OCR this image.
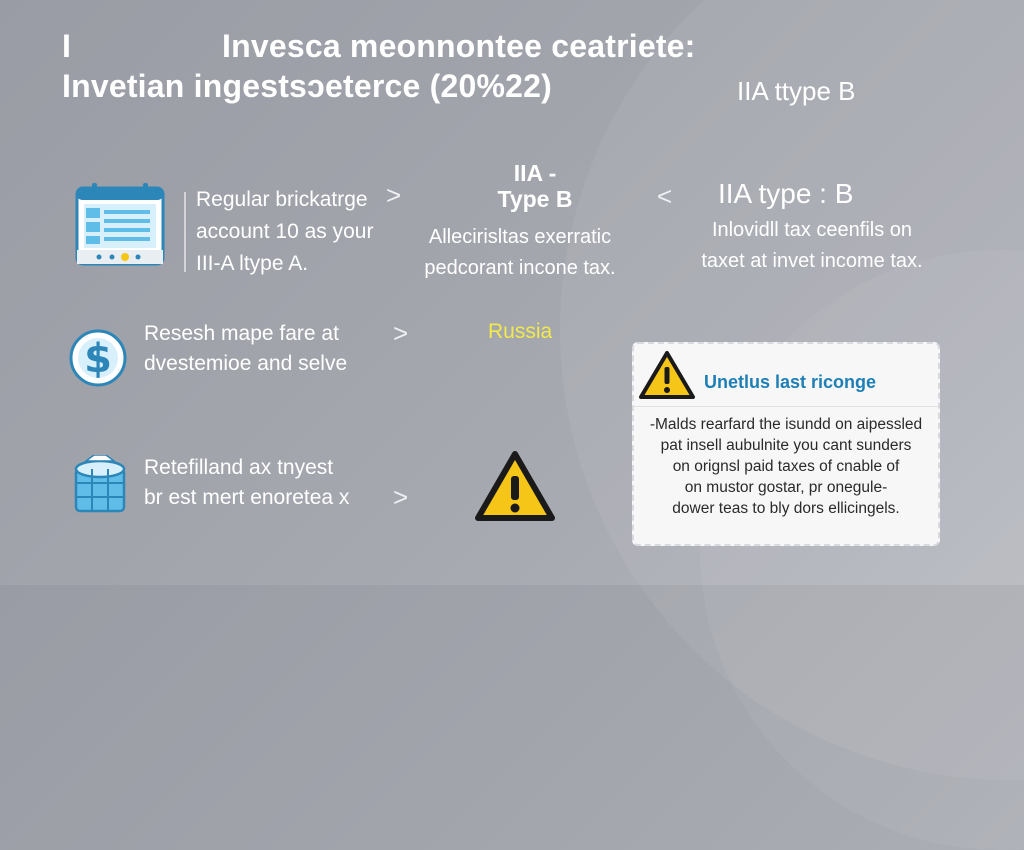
I	Invesca meonnontee ceatriete:
Invetian ingestsɔeterce (20%22)	IIA ttype B
Regular brickatrge
account 10 as your
III-A ltype A.
>
IIA -
Type B
Allecirisltas exerratic
pedcorant incone tax.
< IIA type : B
Inlovidll tax ceenfils on
taxet at invet income tax.
$
Resesh mape fare at
dvestemioe and selve
>	Russia
Retefilland ax tnyest
br est mert enoretea x >
Unetlus last riconge
-Malds rearfard the isundd on aipessled
pat insell aubulnite you cant sunders
on orignsl paid taxes of cnable of
on mustor gostar, pr onegule-
dower teas to bly dors ellicingels.
